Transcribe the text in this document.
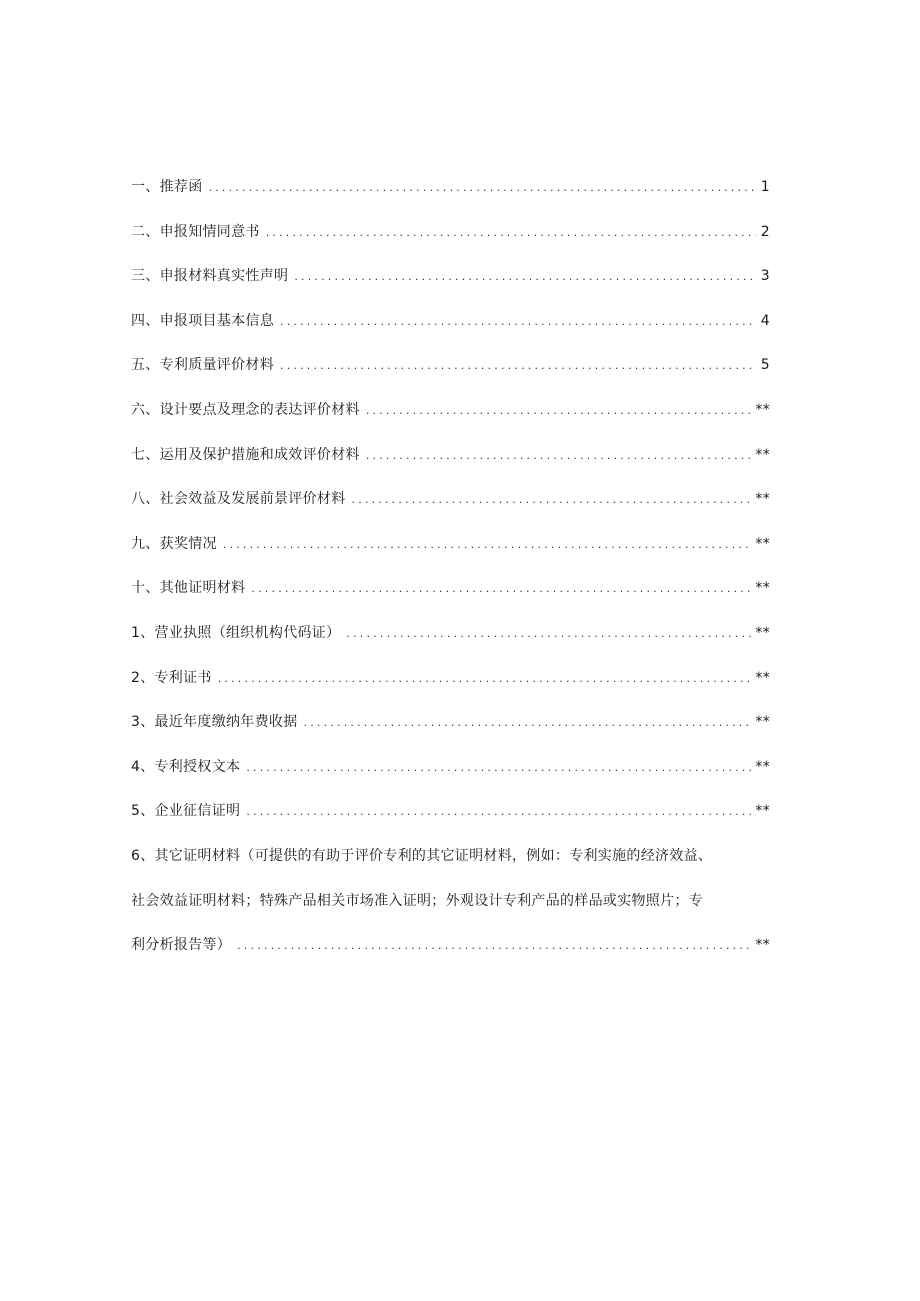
一、推荐函 .....	1
二、申报知情同意书 .....	2
三、申报材料真实性声明 .....	3
四、申报项目基本信息 .....	4
五、专利质量评价材料 .....	5
六、设计要点及理念的表达评价材料 .....	**
七、运用及保护措施和成效评价材料 .....	**
八、社会效益及发展前景评价材料 .....	**
九、获奖情况 .....	**
十、其他证明材料 .....	**
1、营业执照（组织机构代码证） .....	**
2、专利证书 .....	**
3、最近年度缴纳年费收据 .....	**
4、专利授权文本 .....	**
5、企业征信证明 .....	**
6、其它证明材料（可提供的有助于评价专利的其它证明材料，例如：专利实施的经济效益、
社会效益证明材料；特殊产品相关市场准入证明；外观设计专利产品的样品或实物照片；专
利分析报告等） .....	**
